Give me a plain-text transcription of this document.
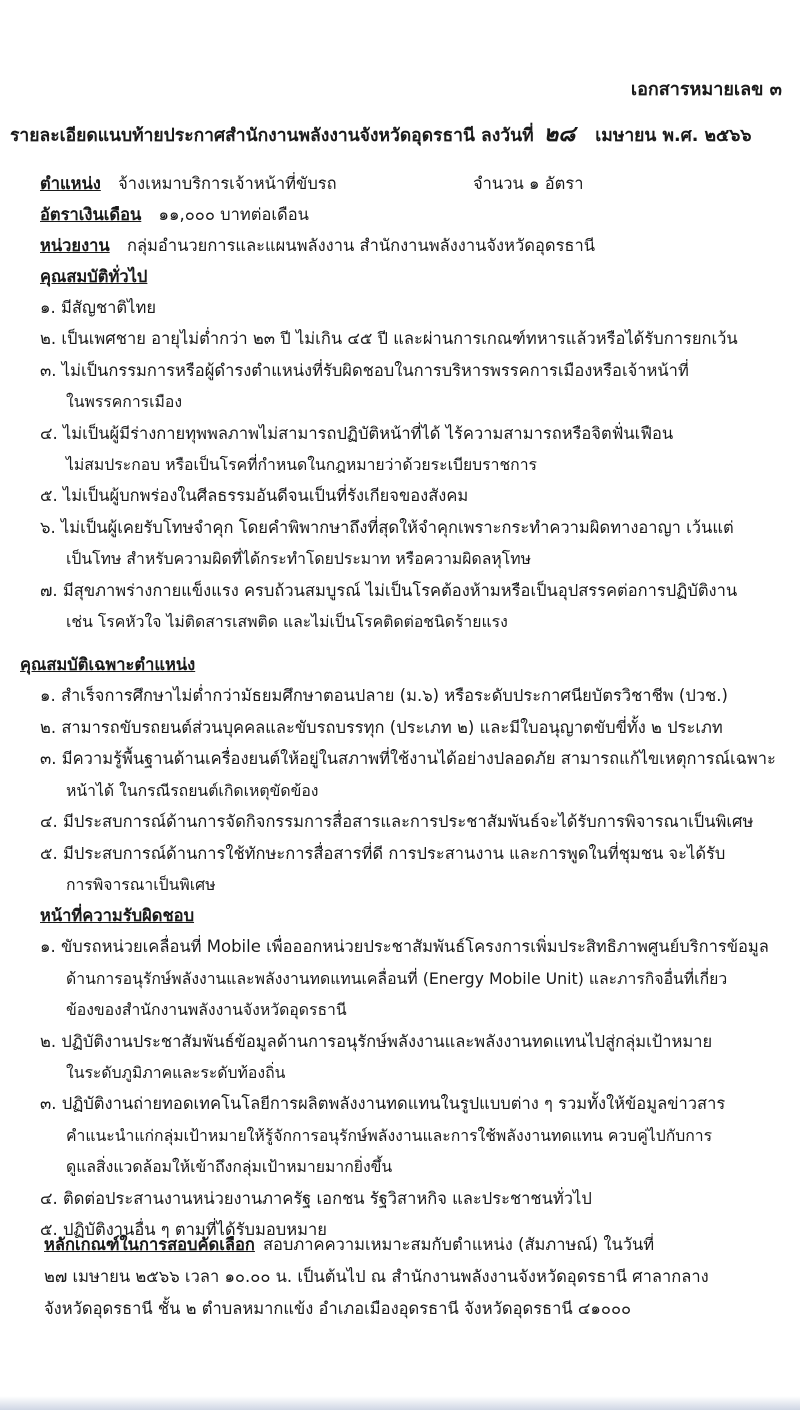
เอกสารหมายเลข ๓
รายละเอียดแนบท้ายประกาศสำนักงานพลังงานจังหวัดอุดรธานี ลงวันที่ ๒๘ เมษายน พ.ศ. ๒๕๖๖
ตำแหน่ง จ้างเหมาบริการเจ้าหน้าที่ขับรถ	จำนวน ๑ อัตรา
อัตราเงินเดือน ๑๑,๐๐๐ บาทต่อเดือน
หน่วยงาน กลุ่มอำนวยการและแผนพลังงาน สำนักงานพลังงานจังหวัดอุดรธานี
คุณสมบัติทั่วไป
๑. มีสัญชาติไทย
๒. เป็นเพศชาย อายุไม่ต่ำกว่า ๒๓ ปี ไม่เกิน ๔๕ ปี และผ่านการเกณฑ์ทหารแล้วหรือได้รับการยกเว้น
๓. ไม่เป็นกรรมการหรือผู้ดำรงตำแหน่งที่รับผิดชอบในการบริหารพรรคการเมืองหรือเจ้าหน้าที่
ในพรรคการเมือง
๔. ไม่เป็นผู้มีร่างกายทุพพลภาพไม่สามารถปฏิบัติหน้าที่ได้ ไร้ความสามารถหรือจิตฟั่นเฟือน
ไม่สมประกอบ หรือเป็นโรคที่กำหนดในกฎหมายว่าด้วยระเบียบราชการ
๕. ไม่เป็นผู้บกพร่องในศีลธรรมอันดีจนเป็นที่รังเกียจของสังคม
๖. ไม่เป็นผู้เคยรับโทษจำคุก โดยคำพิพากษาถึงที่สุดให้จำคุกเพราะกระทำความผิดทางอาญา เว้นแต่
เป็นโทษ สำหรับความผิดที่ได้กระทำโดยประมาท หรือความผิดลหุโทษ
๗. มีสุขภาพร่างกายแข็งแรง ครบถ้วนสมบูรณ์ ไม่เป็นโรคต้องห้ามหรือเป็นอุปสรรคต่อการปฏิบัติงาน
เช่น โรคหัวใจ ไม่ติดสารเสพติด และไม่เป็นโรคติดต่อชนิดร้ายแรง
คุณสมบัติเฉพาะตำแหน่ง
๑. สำเร็จการศึกษาไม่ต่ำกว่ามัธยมศึกษาตอนปลาย (ม.๖) หรือระดับประกาศนียบัตรวิชาชีพ (ปวช.)
๒. สามารถขับรถยนต์ส่วนบุคคลและขับรถบรรทุก (ประเภท ๒) และมีใบอนุญาตขับขี่ทั้ง ๒ ประเภท
๓. มีความรู้พื้นฐานด้านเครื่องยนต์ให้อยู่ในสภาพที่ใช้งานได้อย่างปลอดภัย สามารถแก้ไขเหตุการณ์เฉพาะ
หน้าได้ ในกรณีรถยนต์เกิดเหตุขัดข้อง
๔. มีประสบการณ์ด้านการจัดกิจกรรมการสื่อสารและการประชาสัมพันธ์จะได้รับการพิจารณาเป็นพิเศษ
๕. มีประสบการณ์ด้านการใช้ทักษะการสื่อสารที่ดี การประสานงาน และการพูดในที่ชุมชน จะได้รับ
การพิจารณาเป็นพิเศษ
หน้าที่ความรับผิดชอบ
๑. ขับรถหน่วยเคลื่อนที่ Mobile เพื่อออกหน่วยประชาสัมพันธ์โครงการเพิ่มประสิทธิภาพศูนย์บริการข้อมูล
ด้านการอนุรักษ์พลังงานและพลังงานทดแทนเคลื่อนที่ (Energy Mobile Unit) และภารกิจอื่นที่เกี่ยว
ข้องของสำนักงานพลังงานจังหวัดอุดรธานี
๒. ปฏิบัติงานประชาสัมพันธ์ข้อมูลด้านการอนุรักษ์พลังงานและพลังงานทดแทนไปสู่กลุ่มเป้าหมาย
ในระดับภูมิภาคและระดับท้องถิ่น
๓. ปฏิบัติงานถ่ายทอดเทคโนโลยีการผลิตพลังงานทดแทนในรูปแบบต่าง ๆ รวมทั้งให้ข้อมูลข่าวสาร
คำแนะนำแก่กลุ่มเป้าหมายให้รู้จักการอนุรักษ์พลังงานและการใช้พลังงานทดแทน ควบคู่ไปกับการ
ดูแลสิ่งแวดล้อมให้เข้าถึงกลุ่มเป้าหมายมากยิ่งขึ้น
๔. ติดต่อประสานงานหน่วยงานภาครัฐ เอกชน รัฐวิสาหกิจ และประชาชนทั่วไป
๕. ปฏิบัติงานอื่น ๆ ตามที่ได้รับมอบหมาย
หลักเกณฑ์ในการสอบคัดเลือก สอบภาคความเหมาะสมกับตำแหน่ง (สัมภาษณ์) ในวันที่
๒๗ เมษายน ๒๕๖๖ เวลา ๑๐.๐๐ น. เป็นต้นไป ณ สำนักงานพลังงานจังหวัดอุดรธานี ศาลากลาง
จังหวัดอุดรธานี ชั้น ๒ ตำบลหมากแข้ง อำเภอเมืองอุดรธานี จังหวัดอุดรธานี ๔๑๐๐๐
